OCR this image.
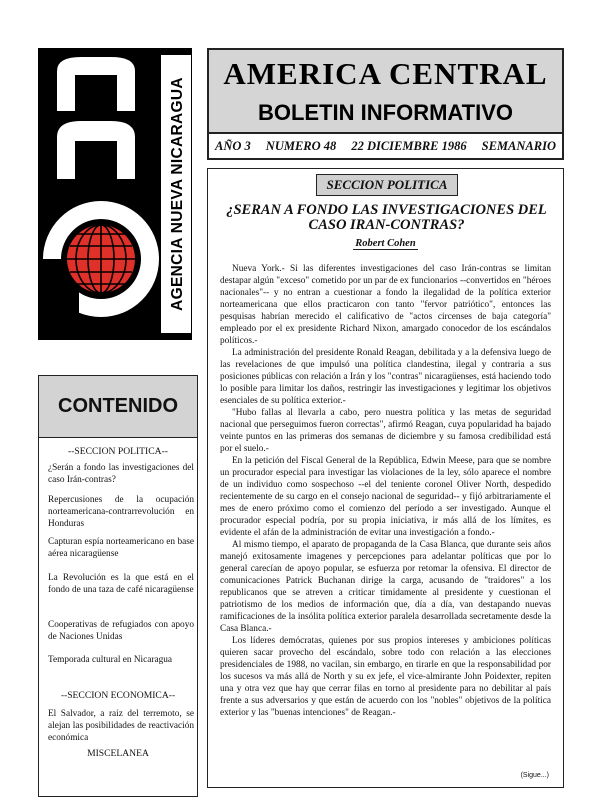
AGENCIA NUEVA NICARAGUA
AMERICA CENTRAL
BOLETIN INFORMATIVO
AÑO 3 NUMERO 48 22 DICIEMBRE 1986 SEMANARIO
CONTENIDO
--SECCION POLITICA--
¿Serán a fondo las investigaciones del caso Irán-contras?
Repercusiones de la ocupación norteamericana-contrarrevolución en Honduras
Capturan espía norteamericano en base aérea nicaragüense
La Revolución es la que está en el fondo de una taza de café nicaragüense
Cooperativas de refugiados con apoyo de Naciones Unidas
Temporada cultural en Nicaragua
--SECCION ECONOMICA--
El Salvador, a raíz del terremoto, se alejan las posibilidades de reactivación económica
MISCELANEA
SECCION POLITICA
¿SERAN A FONDO LAS INVESTIGACIONES DEL CASO IRAN-CONTRAS?
Robert Cohen

Nueva York.- Si las diferentes investigaciones del caso Irán-contras se limitan destapar algún "exceso" cometido por un par de ex funcionarios --convertidos en "héroes nacionales"-- y no entran a cuestionar a fondo la ilegalidad de la política exterior norteamericana que ellos practicaron con tanto "fervor patriótico", entonces las pesquisas habrían merecido el calificativo de "actos circenses de baja categoría" empleado por el ex presidente Richard Nixon, amargado conocedor de los escándalos políticos.-

La administración del presidente Ronald Reagan, debilitada y a la defensiva luego de las revelaciones de que impulsó una política clandestina, ilegal y contraria a sus posiciones públicas con relación a Irán y los "contras" nicaragüenses, está haciendo todo lo posible para limitar los daños, restringir las investigaciones y legitimar los objetivos esenciales de su política exterior.-

"Hubo fallas al llevarla a cabo, pero nuestra política y las metas de seguridad nacional que perseguimos fueron correctas", afirmó Reagan, cuya popularidad ha bajado veinte puntos en las primeras dos semanas de diciembre y su famosa credibilidad está por el suelo.-

En la petición del Fiscal General de la República, Edwin Meese, para que se nombre un procurador especial para investigar las violaciones de la ley, sólo aparece el nombre de un individuo como sospechoso --el del teniente coronel Oliver North, despedido recientemente de su cargo en el consejo nacional de seguridad-- y fijó arbitrariamente el mes de enero próximo como el comienzo del período a ser investigado. Aunque el procurador especial podría, por su propia iniciativa, ir más allá de los límites, es evidente el afán de la administración de evitar una investigación a fondo.-

Al mismo tiempo, el aparato de propaganda de la Casa Blanca, que durante seis años manejó exitosamente imagenes y percepciones para adelantar políticas que por lo general carecían de apoyo popular, se esfuerza por retomar la ofensiva. El director de comunicaciones Patrick Buchanan dirige la carga, acusando de "traidores" a los republicanos que se atreven a criticar timidamente al presidente y cuestionan el patriotismo de los medios de información que, día a día, van destapando nuevas ramificaciones de la insólita política exterior paralela desarrollada secretamente desde la Casa Blanca.-

Los líderes demócratas, quienes por sus propios intereses y ambiciones políticas quieren sacar provecho del escándalo, sobre todo con relación a las elecciones presidenciales de 1988, no vacilan, sin embargo, en tirarle en que la responsabilidad por los sucesos va más allá de North y su ex jefe, el vice-almirante John Poidexter, repiten una y otra vez que hay que cerrar filas en torno al presidente para no debilitar al país frente a sus adversarios y que están de acuerdo con los "nobles" objetivos de la política exterior y las "buenas intenciones" de Reagan.-

(Sigue...)
